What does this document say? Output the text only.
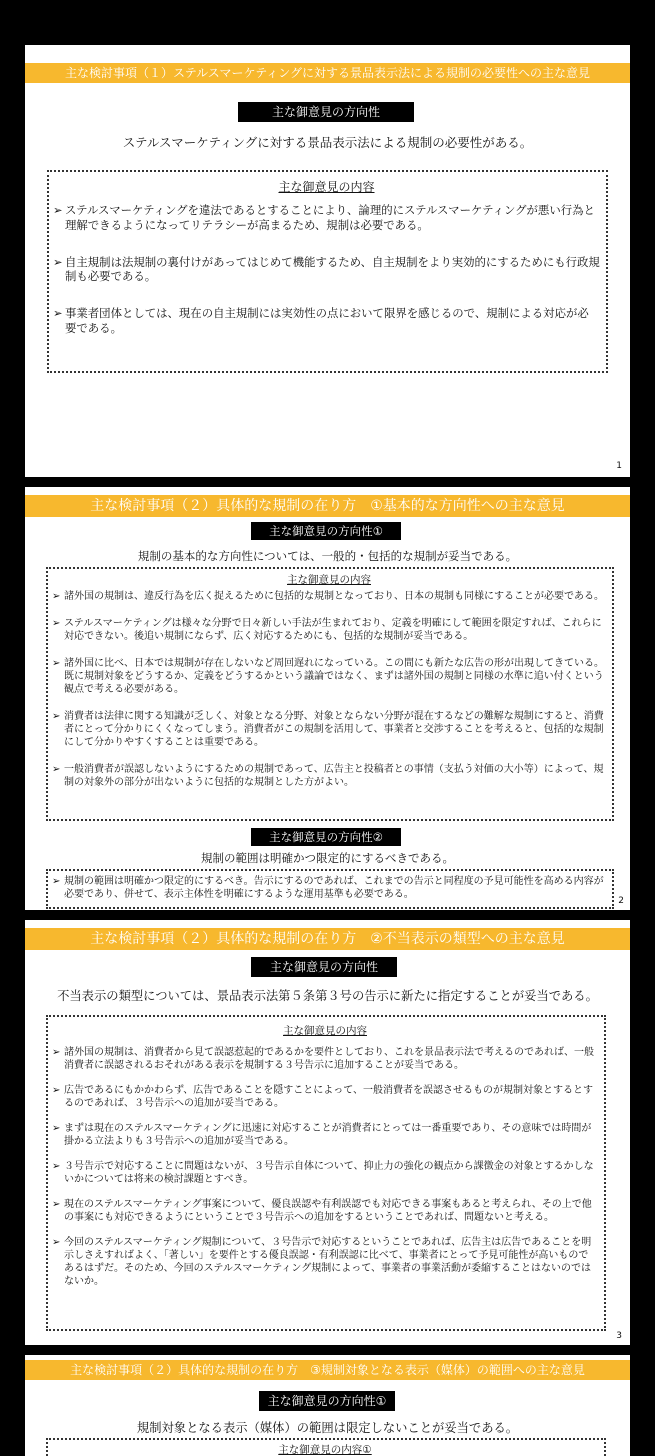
主な検討事項（１）ステルスマーケティングに対する景品表示法による規制の必要性への主な意見
主な御意見の方向性
ステルスマーケティングに対する景品表示法による規制の必要性がある。
主な御意見の内容
➢ ステルスマーケティングを違法であるとすることにより、論理的にステルスマーケティングが悪い行為と理解できるようになってリテラシーが高まるため、規制は必要である。
➢ 自主規制は法規制の裏付けがあってはじめて機能するため、自主規制をより実効的にするためにも行政規制も必要である。
➢ 事業者団体としては、現在の自主規制には実効性の点において限界を感じるので、規制による対応が必要である。
1
主な検討事項（２）具体的な規制の在り方　①基本的な方向性への主な意見
主な御意見の方向性①
規制の基本的な方向性については、一般的・包括的な規制が妥当である。
主な御意見の内容
➢ 諸外国の規制は、違反行為を広く捉えるために包括的な規制となっており、日本の規制も同様にすることが必要である。
➢ ステルスマーケティングは様々な分野で日々新しい手法が生まれており、定義を明確にして範囲を限定すれば、これらに対応できない。後追い規制にならず、広く対応するためにも、包括的な規制が妥当である。
➢ 諸外国に比べ、日本では規制が存在しないなど周回遅れになっている。この間にも新たな広告の形が出現してきている。既に規制対象をどうするか、定義をどうするかという議論ではなく、まずは諸外国の規制と同様の水準に追い付くという観点で考える必要がある。
➢ 消費者は法律に関する知識が乏しく、対象となる分野、対象とならない分野が混在するなどの難解な規制にすると、消費者にとって分かりにくくなってしまう。消費者がこの規制を活用して、事業者と交渉することを考えると、包括的な規制にして分かりやすくすることは重要である。
➢ 一般消費者が誤認しないようにするための規制であって、広告主と投稿者との事情（支払う対価の大小等）によって、規制の対象外の部分が出ないように包括的な規制とした方がよい。
主な御意見の方向性②
規制の範囲は明確かつ限定的にするべきである。
➢ 規制の範囲は明確かつ限定的にするべき。告示にするのであれば、これまでの告示と同程度の予見可能性を高める内容が必要であり、併せて、表示主体性を明確にするような運用基準も必要である。
2
主な検討事項（２）具体的な規制の在り方　②不当表示の類型への主な意見
主な御意見の方向性
不当表示の類型については、景品表示法第５条第３号の告示に新たに指定することが妥当である。
主な御意見の内容
➢ 諸外国の規制は、消費者から見て誤認惹起的であるかを要件としており、これを景品表示法で考えるのであれば、一般消費者に誤認されるおそれがある表示を規制する３号告示に追加することが妥当である。
➢ 広告であるにもかかわらず、広告であることを隠すことによって、一般消費者を誤認させるものが規制対象とするとするのであれば、３号告示への追加が妥当である。
➢ まずは現在のステルスマーケティングに迅速に対応することが消費者にとっては一番重要であり、その意味では時間が掛かる立法よりも３号告示への追加が妥当である。
➢ ３号告示で対応することに問題はないが、３号告示自体について、抑止力の強化の観点から課徴金の対象とするかしないかについては将来の検討課題とすべき。
➢ 現在のステルスマーケティング事案について、優良誤認や有利誤認でも対応できる事案もあると考えられ、その上で他の事案にも対応できるようにということで３号告示への追加をするということであれば、問題ないと考える。
➢ 今回のステルスマーケティング規制について、３号告示で対応するということであれば、広告主は広告であることを明示しさえすればよく、「著しい」を要件とする優良誤認・有利誤認に比べて、事業者にとって予見可能性が高いものであるはずだ。そのため、今回のステルスマーケティング規制によって、事業者の事業活動が委縮することはないのではないか。
3
主な検討事項（２）具体的な規制の在り方　③規制対象となる表示（媒体）の範囲への主な意見
主な御意見の方向性①
規制対象となる表示（媒体）の範囲は限定しないことが妥当である。
主な御意見の内容①
